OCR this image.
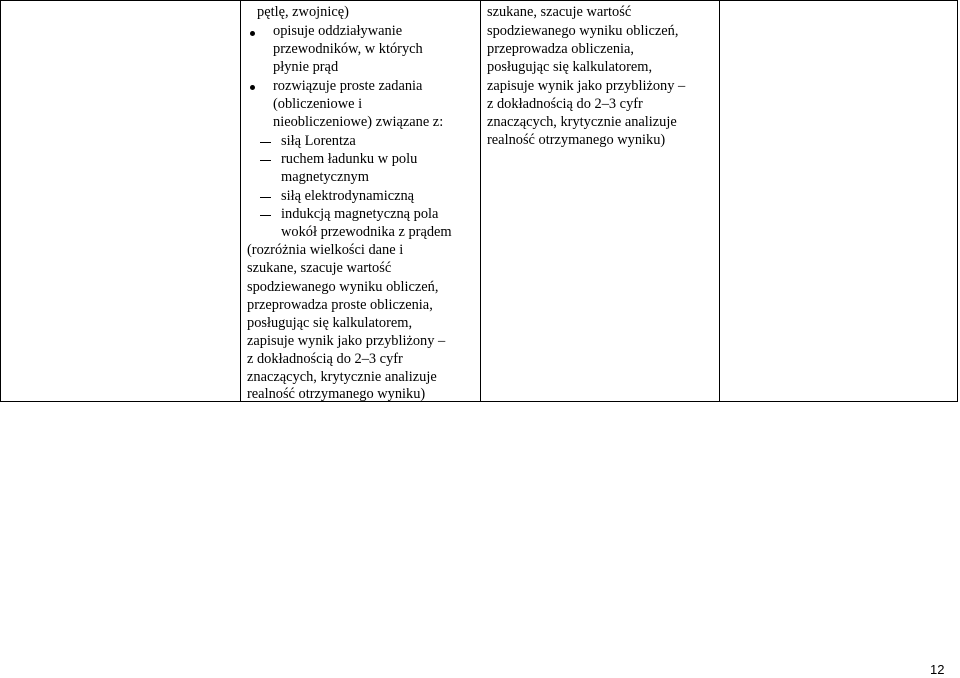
pętlę, zwojnicę)
opisuje oddziaływanie
przewodników, w których
płynie prąd
rozwiązuje proste zadania
(obliczeniowe i
nieobliczeniowe) związane z:
siłą Lorentza
ruchem ładunku w polu
magnetycznym
siłą elektrodynamiczną
indukcją magnetyczną pola
wokół przewodnika z prądem
(rozróżnia wielkości dane i
szukane, szacuje wartość
spodziewanego wyniku obliczeń,
przeprowadza proste obliczenia,
posługując się kalkulatorem,
zapisuje wynik jako przybliżony –
z dokładnością do 2–3 cyfr
znaczących, krytycznie analizuje
realność otrzymanego wyniku)
szukane, szacuje wartość
spodziewanego wyniku obliczeń,
przeprowadza obliczenia,
posługując się kalkulatorem,
zapisuje wynik jako przybliżony –
z dokładnością do 2–3 cyfr
znaczących, krytycznie analizuje
realność otrzymanego wyniku)
12
